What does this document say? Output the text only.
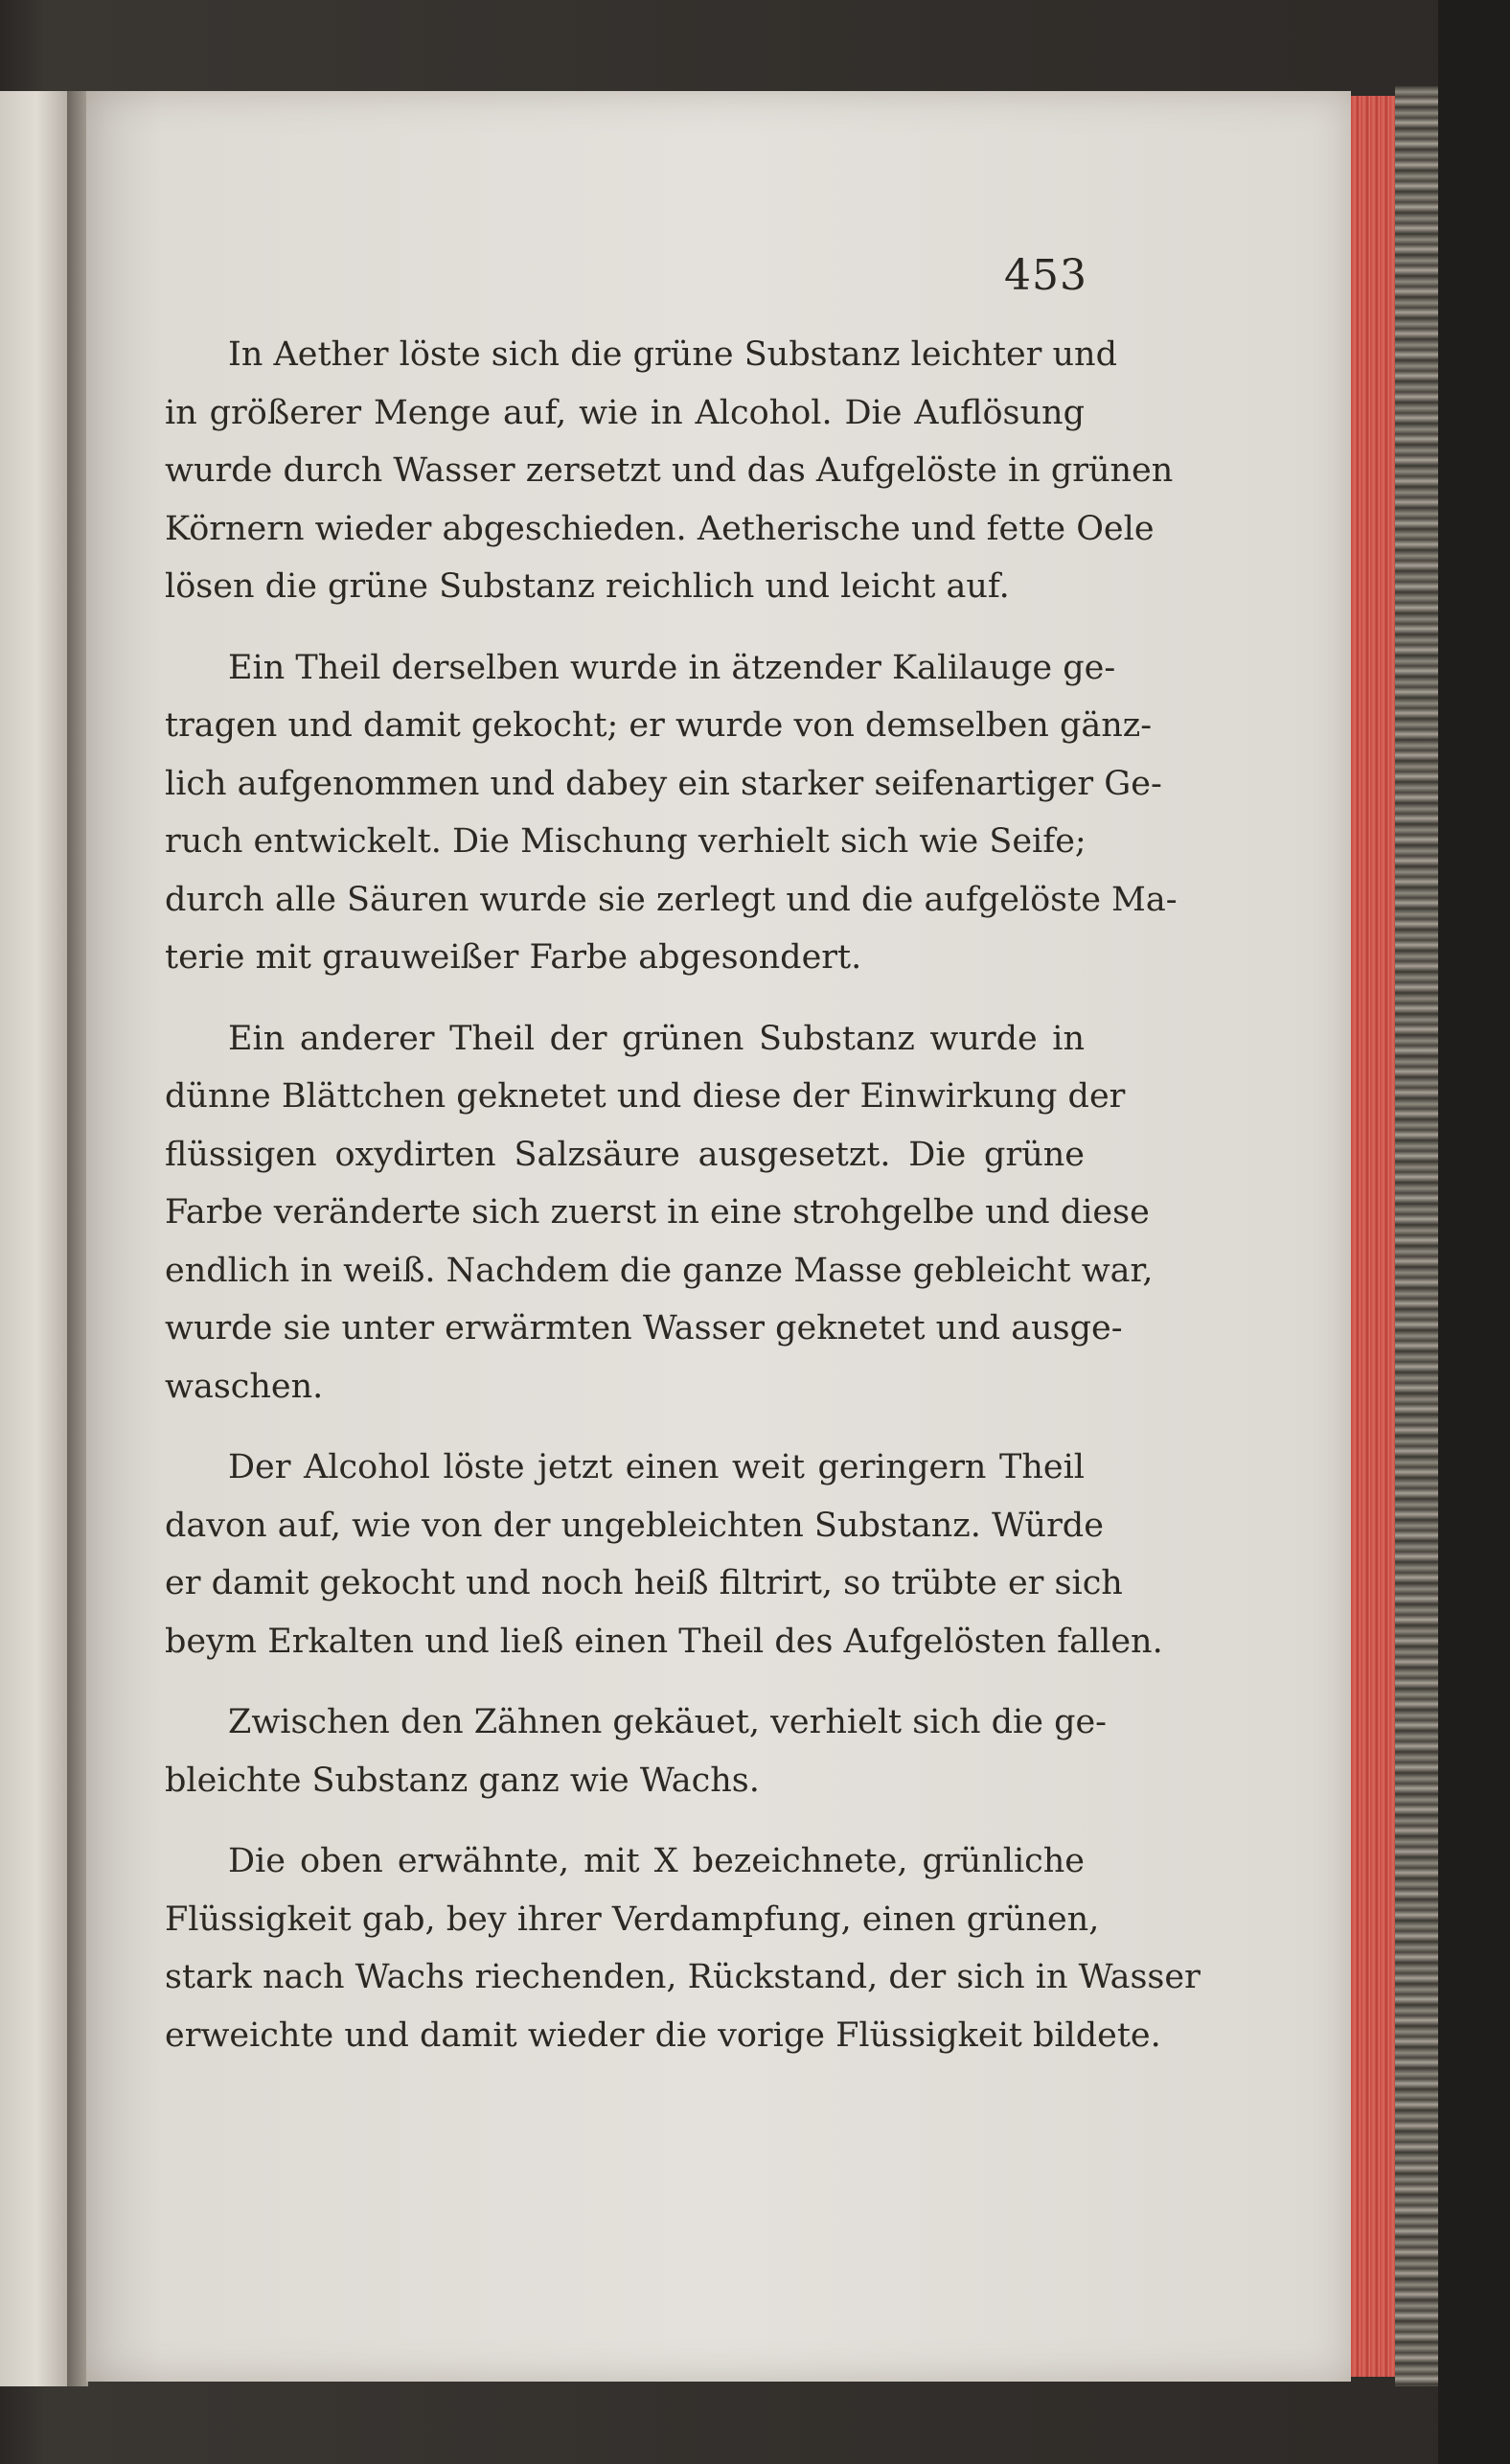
453
In Aether löste sich die grüne Substanz leichter und
in größerer Menge auf, wie in Alcohol. Die Auflösung
wurde durch Wasser zersetzt und das Aufgelöste in grünen
Körnern wieder abgeschieden. Aetherische und fette Oele
lösen die grüne Substanz reichlich und leicht auf.
Ein Theil derselben wurde in ätzender Kalilauge ge-
tragen und damit gekocht; er wurde von demselben gänz-
lich aufgenommen und dabey ein starker seifenartiger Ge-
ruch entwickelt. Die Mischung verhielt sich wie Seife;
durch alle Säuren wurde sie zerlegt und die aufgelöste Ma-
terie mit grauweißer Farbe abgesondert.
Ein anderer Theil der grünen Substanz wurde in
dünne Blättchen geknetet und diese der Einwirkung der
flüssigen oxydirten Salzsäure ausgesetzt. Die grüne
Farbe veränderte sich zuerst in eine strohgelbe und diese
endlich in weiß. Nachdem die ganze Masse gebleicht war,
wurde sie unter erwärmten Wasser geknetet und ausge-
waschen.
Der Alcohol löste jetzt einen weit geringern Theil
davon auf, wie von der ungebleichten Substanz. Würde
er damit gekocht und noch heiß filtrirt, so trübte er sich
beym Erkalten und ließ einen Theil des Aufgelösten fallen.
Zwischen den Zähnen gekäuet, verhielt sich die ge-
bleichte Substanz ganz wie Wachs.
Die oben erwähnte, mit X bezeichnete, grünliche
Flüssigkeit gab, bey ihrer Verdampfung, einen grünen,
stark nach Wachs riechenden, Rückstand, der sich in Wasser
erweichte und damit wieder die vorige Flüssigkeit bildete.
